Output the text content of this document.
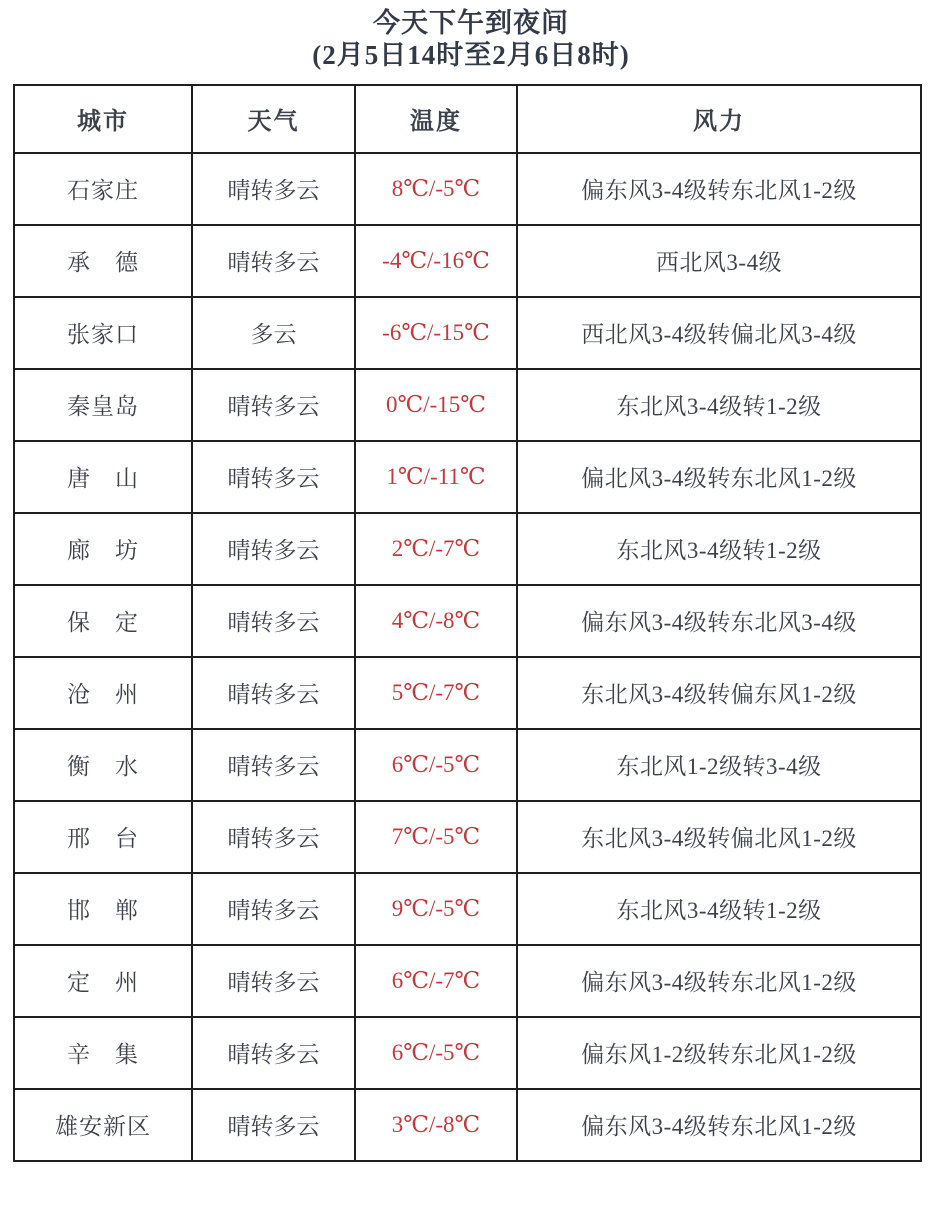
今天下午到夜间
(2月5日14时至2月6日8时)
城市	天气	温度	风力
石家庄	晴转多云	8℃/-5℃	偏东风3-4级转东北风1-2级
承　德	晴转多云	-4℃/-16℃	西北风3-4级
张家口	多云	-6℃/-15℃	西北风3-4级转偏北风3-4级
秦皇岛	晴转多云	0℃/-15℃	东北风3-4级转1-2级
唐　山	晴转多云	1℃/-11℃	偏北风3-4级转东北风1-2级
廊　坊	晴转多云	2℃/-7℃	东北风3-4级转1-2级
保　定	晴转多云	4℃/-8℃	偏东风3-4级转东北风3-4级
沧　州	晴转多云	5℃/-7℃	东北风3-4级转偏东风1-2级
衡　水	晴转多云	6℃/-5℃	东北风1-2级转3-4级
邢　台	晴转多云	7℃/-5℃	东北风3-4级转偏北风1-2级
邯　郸	晴转多云	9℃/-5℃	东北风3-4级转1-2级
定　州	晴转多云	6℃/-7℃	偏东风3-4级转东北风1-2级
辛　集	晴转多云	6℃/-5℃	偏东风1-2级转东北风1-2级
雄安新区	晴转多云	3℃/-8℃	偏东风3-4级转东北风1-2级
